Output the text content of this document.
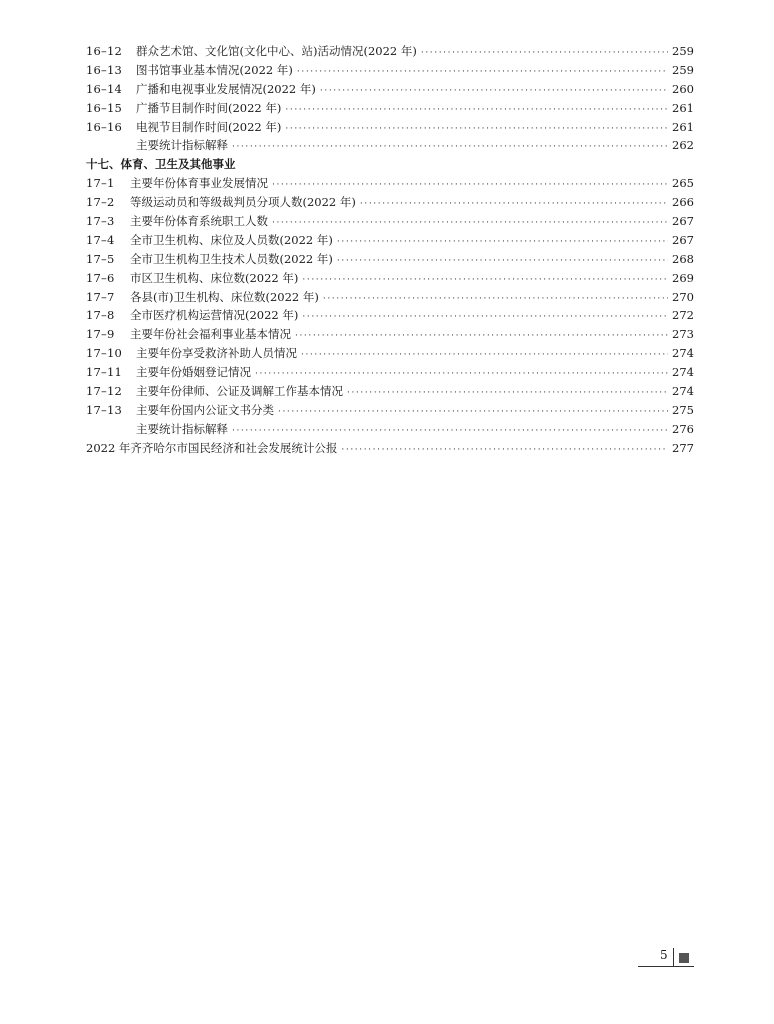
16–12	群众艺术馆、文化馆(文化中心、站)活动情况(2022 年) ·····	259
16–13	图书馆事业基本情况(2022 年) ·····	259
16–14	广播和电视事业发展情况(2022 年) ·····	260
16–15	广播节目制作时间(2022 年) ·····	261
16–16	电视节目制作时间(2022 年) ·····	261
主要统计指标解释 ·····	262
十七、体育、卫生及其他事业
17–1	主要年份体育事业发展情况 ·····	265
17–2	等级运动员和等级裁判员分项人数(2022 年) ·····	266
17–3	主要年份体育系统职工人数 ·····	267
17–4	全市卫生机构、床位及人员数(2022 年) ·····	267
17–5	全市卫生机构卫生技术人员数(2022 年) ·····	268
17–6	市区卫生机构、床位数(2022 年) ·····	269
17–7	各县(市)卫生机构、床位数(2022 年) ·····	270
17–8	全市医疗机构运营情况(2022 年) ·····	272
17–9	主要年份社会福利事业基本情况 ·····	273
17–10	主要年份享受救济补助人员情况 ·····	274
17–11	主要年份婚姻登记情况 ·····	274
17–12	主要年份律师、公证及调解工作基本情况 ·····	274
17–13	主要年份国内公证文书分类 ·····	275
主要统计指标解释 ·····	276
2022 年齐齐哈尔市国民经济和社会发展统计公报 ·····	277
5
